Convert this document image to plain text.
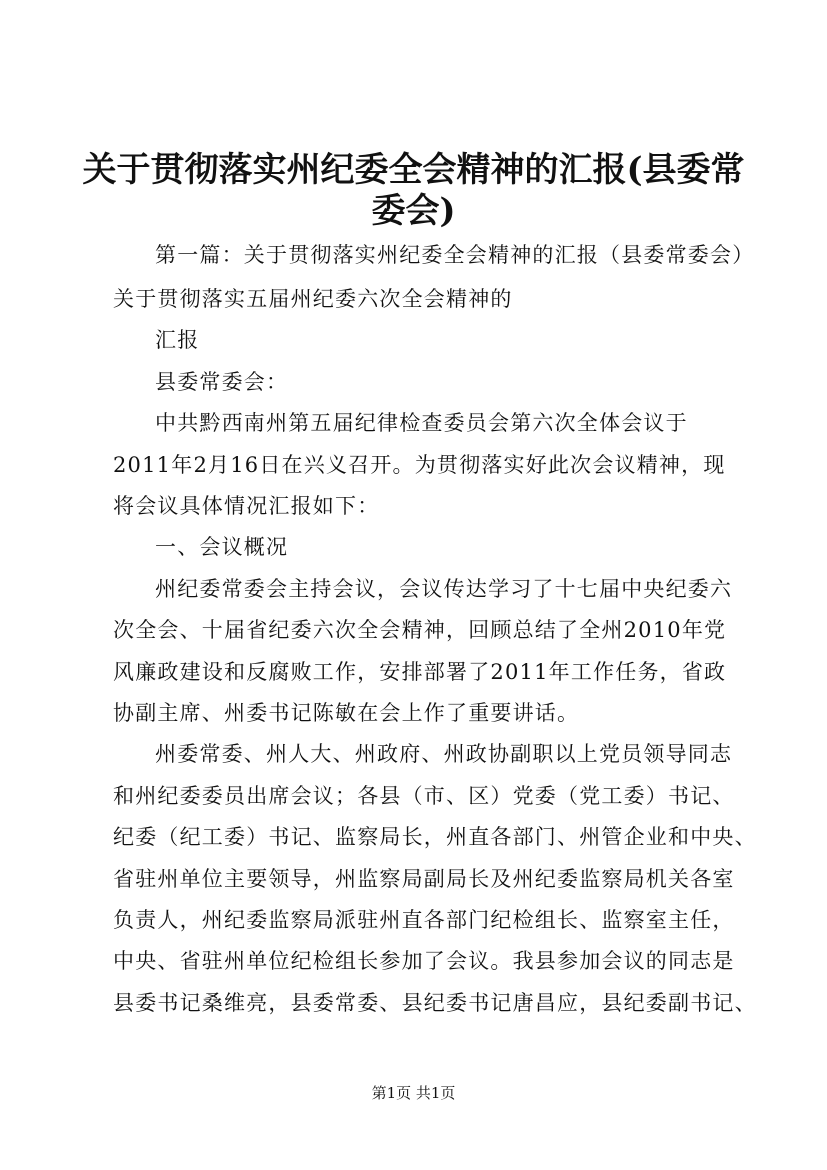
关于贯彻落实州纪委全会精神的汇报(县委常
委会)
第一篇：关于贯彻落实州纪委全会精神的汇报（县委常委会）
关于贯彻落实五届州纪委六次全会精神的
汇报
县委常委会：
中共黔西南州第五届纪律检查委员会第六次全体会议于
2011年2月16日在兴义召开。为贯彻落实好此次会议精神，现
将会议具体情况汇报如下：
一、会议概况
州纪委常委会主持会议，会议传达学习了十七届中央纪委六
次全会、十届省纪委六次全会精神，回顾总结了全州2010年党
风廉政建设和反腐败工作，安排部署了2011年工作任务，省政
协副主席、州委书记陈敏在会上作了重要讲话。
州委常委、州人大、州政府、州政协副职以上党员领导同志
和州纪委委员出席会议；各县（市、区）党委（党工委）书记、
纪委（纪工委）书记、监察局长，州直各部门、州管企业和中央、
省驻州单位主要领导，州监察局副局长及州纪委监察局机关各室
负责人，州纪委监察局派驻州直各部门纪检组长、监察室主任，
中央、省驻州单位纪检组长参加了会议。我县参加会议的同志是
县委书记桑维亮，县委常委、县纪委书记唐昌应，县纪委副书记、
第1页 共1页
